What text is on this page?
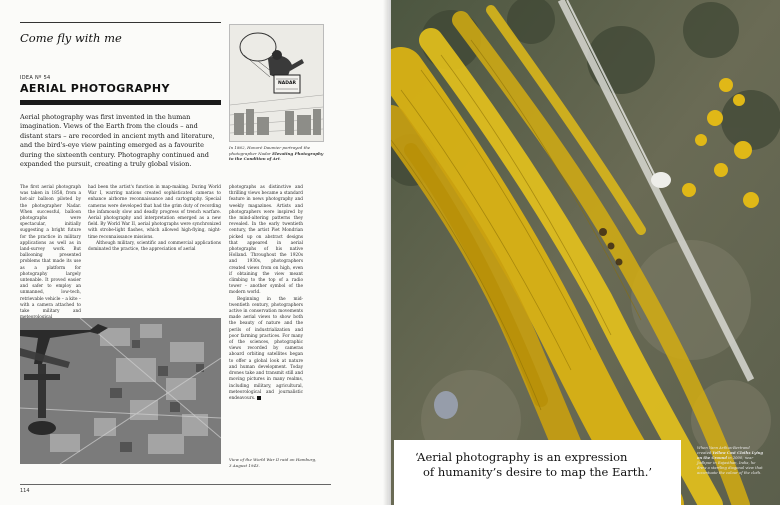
Come fly with me
IDEA Nº 54
AERIAL PHOTOGRAPHY

Aerial photography was first invented in the human imagination. Views of the Earth from the clouds – and distant stars – are recorded in ancient myth and literature, and the bird's-eye view painting emerged as a favourite during the sixteenth century. Photography continued and expanded the pursuit, creating a truly global vision.

The first aerial photograph was taken in 1858, from a hot-air balloon piloted by the photographer Nadar. When successful, balloon photographs were spectacular, initially suggesting a bright future for the practice in military applications as well as in land-survey work. But ballooning presented problems that made its use as a platform for photography largely untenable. It proved easier and safer to employ an unmanned, low-tech, retrievable vehicle – a kite – with a camera attached to take military and

had been the artist's function in map-making. During World War I, warring nations created sophisticated cameras to enhance airborne reconnaissance and cartography. Special cameras were developed that had the grim duty of recording the infamously slow and deadly progress of trench warfare. Aerial photography and interpretation emerged as a new field. By World War II, aerial photographs were synchronized with strobe-light flashes, which allowed high-flying, night-time reconnaissance missions.

Although military, scientific and commercial applications dominated the practice, the appreciation of aerial

photographs as distinctive and thrilling views became a standard feature in news photography and weekly magazines. Artists and photographers were inspired by the mind-altering patterns they revealed. In the early twentieth century, the artist Piet Mondrian picked up on abstract designs that appeared in aerial photographs of his native Holland. Throughout the 1920s and 1930s, photographers created views from on high, even if obtaining the view meant climbing to the top of a radio tower – another symbol of the modern world.

Beginning in the mid-twentieth century, photographers active in conservation movements made aerial views to show both the beauty of nature and the perils of industrialization and poor farming practices. For many of the sciences, photographic views recorded by cameras aboard orbiting satellites began to offer a global look at nature and human development. Today drones take and transmit still and moving pictures in many realms, including military, agricultural, meteorological and journalistic endeavours.

NADAR
In 1862, Honoré Daumier portrayed the photographer Nadar Elevating Photography to the Condition of Art.
View of the World War II raid on Hamburg, 3 August 1943.
114
‘Aerial photography is an expression
of humanity’s desire to map the Earth.’
When Yann Arthus-Bertrand created Yellow Cast Cloths Lying on the Ground in 2000, near Jodhpur in Rajasthan, India, he drew a startling diagonal view that accentuate the colour of the cloth.
